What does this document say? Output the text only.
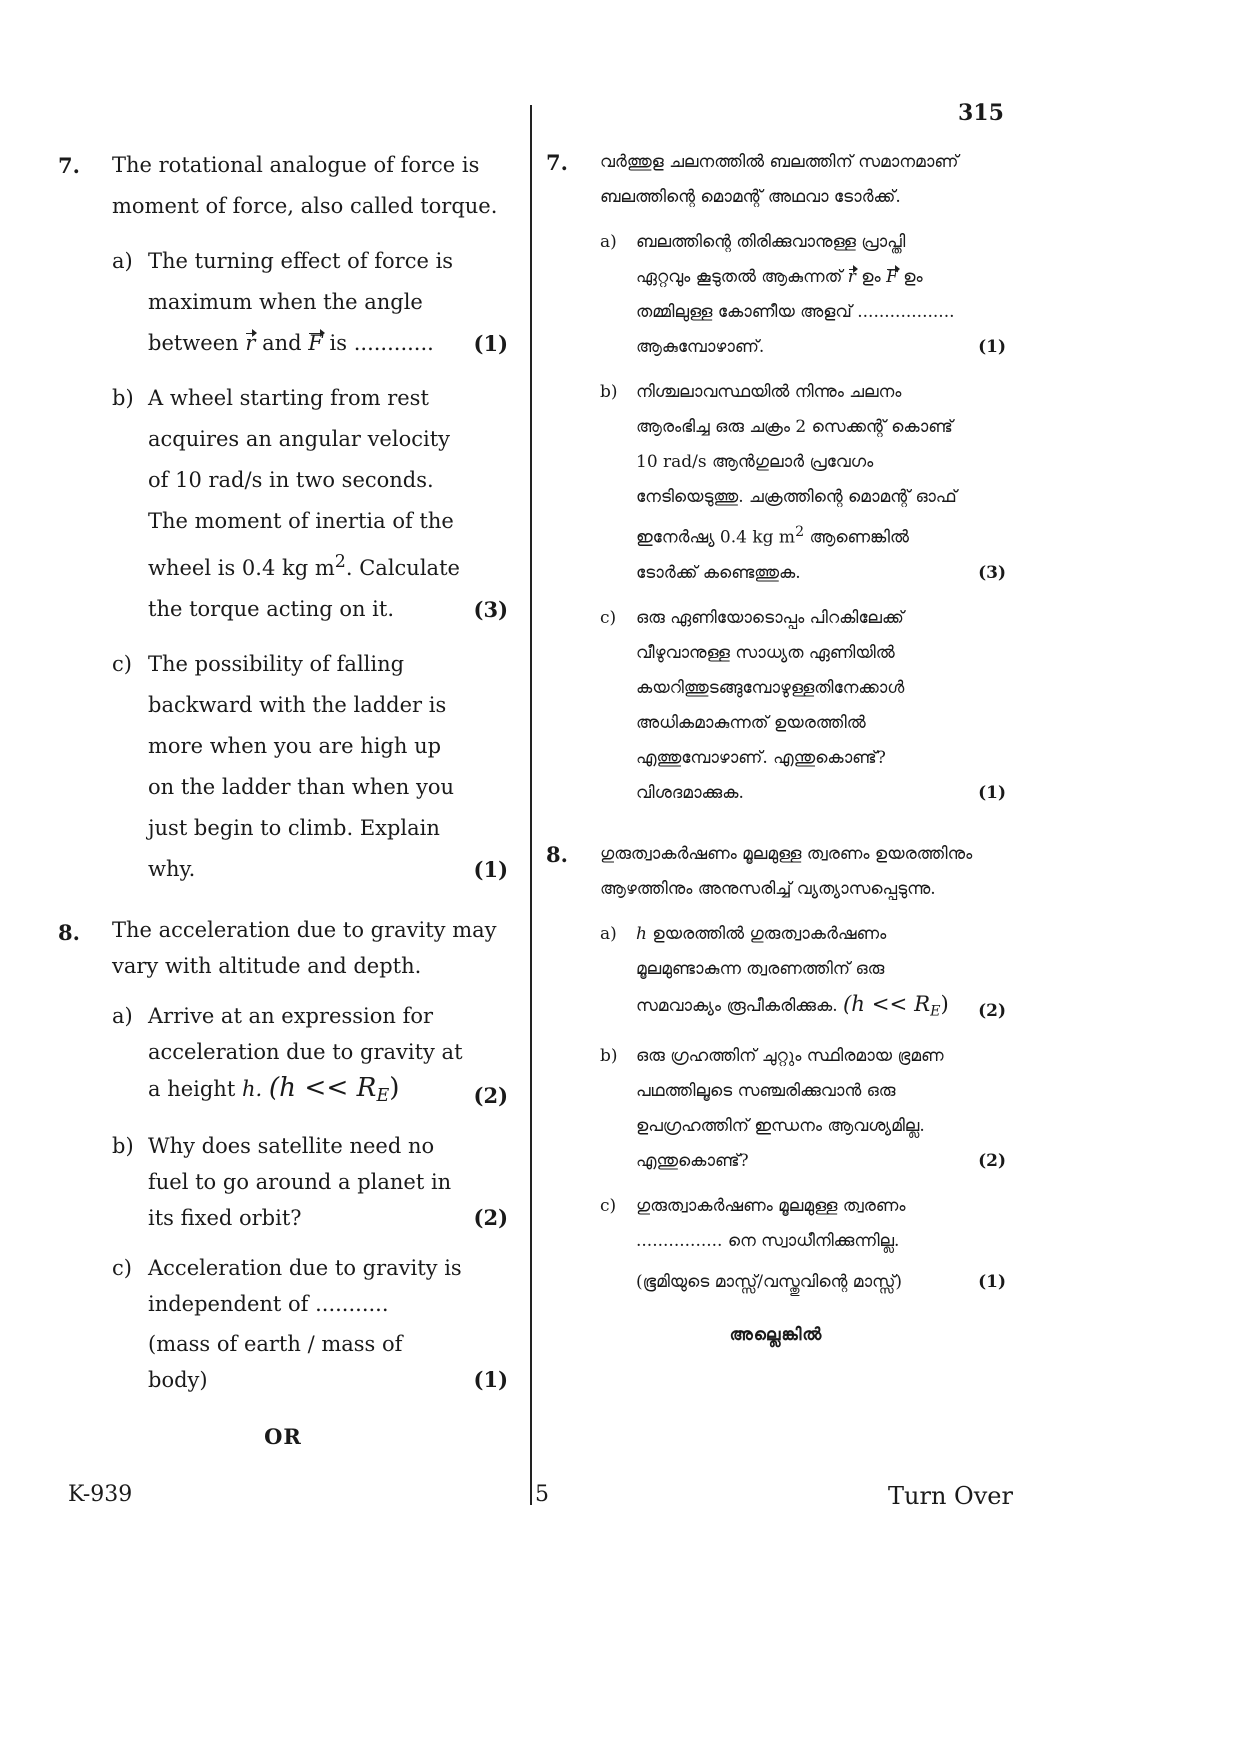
315
7. The rotational analogue of force is moment of force, also called torque.

a) The turning effect of force is maximum when the angle between r and F is ............ (1)
b) A wheel starting from rest acquires an angular velocity of 10 rad/s in two seconds. The moment of inertia of the wheel is 0.4 kg $m^2$. Calculate the torque acting on it.	(3)
c) The possibility of falling backward with the ladder is more when you are high up on the ladder than when you just begin to climb. Explain why.	(1)
8. The acceleration due to gravity may vary with altitude and depth.

a) Arrive at an expression for acceleration due to gravity at a height h. $(h << R_E)$	(2)
b) Why does satellite need no fuel to go around a planet in its fixed orbit?	(2)
c) Acceleration due to gravity is independent of ...........
(mass of earth / mass of body)	(1)
OR
7. വർത്തുള ചലനത്തിൽ ബലത്തിന് സമാനമാണ് ബലത്തിന്റെ മൊമന്റ് അഥവാ ടോർക്ക്.

a) ബലത്തിന്റെ തിരിക്കുവാനുള്ള പ്രാപ്തി ഏറ്റവും കൂടുതൽ ആകുന്നത് r ഉം F ഉം തമ്മിലുള്ള കോണീയ അളവ് .................. ആകുമ്പോഴാണ്.	(1)
b) നിശ്ചലാവസ്ഥയിൽ നിന്നും ചലനം ആരംഭിച്ച ഒരു ചക്രം 2 സെക്കന്റ് കൊണ്ട് 10 rad/s ആൻഗുലാർ പ്രവേഗം നേടിയെടുത്തു. ചക്രത്തിന്റെ മൊമന്റ് ഓഫ് ഇനേർഷ്യ 0.4 kg $m^2$ ആണെങ്കിൽ ടോർക്ക് കണ്ടെത്തുക.	(3)
c) ഒരു ഏണിയോടൊപ്പം പിറകിലേക്ക് വീഴുവാനുള്ള സാധ്യത ഏണിയിൽ കയറിത്തുടങ്ങുമ്പോഴുള്ളതിനേക്കാൾ അധികമാകുന്നത് ഉയരത്തിൽ എത്തുമ്പോഴാണ്. എന്തുകൊണ്ട്? വിശദമാക്കുക.	(1)
8. ഗുരുത്വാകർഷണം മൂലമുള്ള ത്വരണം ഉയരത്തിനും ആഴത്തിനും അനുസരിച്ച് വ്യത്യാസപ്പെടുന്നു.

a) h ഉയരത്തിൽ ഗുരുത്വാകർഷണം മൂലമുണ്ടാകുന്ന ത്വരണത്തിന് ഒരു സമവാക്യം രൂപീകരിക്കുക. $(h << R_E)$ (2)
b) ഒരു ഗ്രഹത്തിന് ചുറ്റും സ്ഥിരമായ ഭ്രമണ പഥത്തിലൂടെ സഞ്ചരിക്കുവാൻ ഒരു ഉപഗ്രഹത്തിന് ഇന്ധനം ആവശ്യമില്ല. എന്തുകൊണ്ട്?	(2)
c) ഗുരുത്വാകർഷണം മൂലമുള്ള ത്വരണം ................ നെ സ്വാധീനിക്കുന്നില്ല.
(ഭൂമിയുടെ മാസ്സ്/വസ്തുവിന്റെ മാസ്സ്)	(1)
അല്ലെങ്കിൽ
K-939	5	Turn Over
